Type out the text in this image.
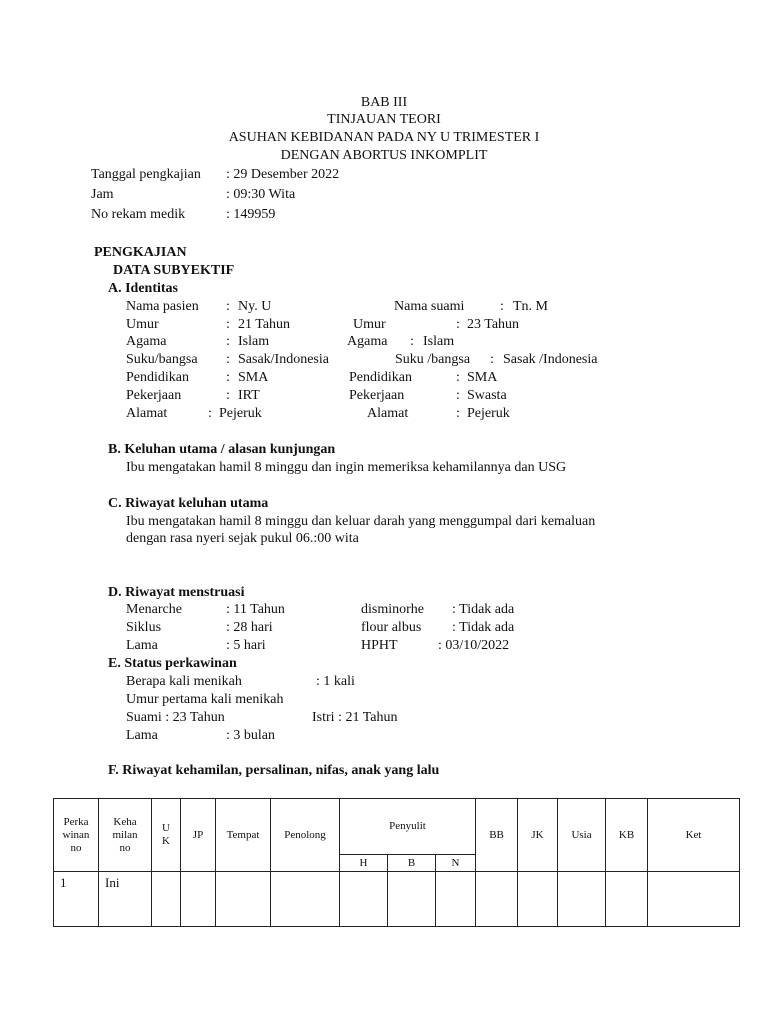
BAB III
TINJAUAN TEORI
ASUHAN KEBIDANAN PADA NY U TRIMESTER I
DENGAN ABORTUS INKOMPLIT
Tanggal pengkajian : 29 Desember 2022
Jam	: 09:30 Wita
No rekam medik	: 149959
PENGKAJIAN
DATA SUBYEKTIF
A. Identitas
Nama pasien : Ny. U	Nama suami	: Tn. M
Umur	: 21 Tahun	Umur	: 23 Tahun
Agama	: Islam	Agama : Islam
Suku/bangsa : Sasak/Indonesia	Suku /bangsa : Sasak /Indonesia
Pendidikan	: SMA	Pendidikan	: SMA
Pekerjaan	: IRT	Pekerjaan	: Swasta
Alamat	: Pejeruk	Alamat	: Pejeruk
B. Keluhan utama / alasan kunjungan
Ibu mengatakan hamil 8 minggu dan ingin memeriksa kehamilannya dan USG
C. Riwayat keluhan utama
Ibu mengatakan hamil 8 minggu dan keluar darah yang menggumpal dari kemaluan
dengan rasa nyeri sejak pukul 06.:00 wita
D. Riwayat menstruasi
Menarche	: 11 Tahun	disminorhe : Tidak ada
Siklus	: 28 hari	flour albus : Tidak ada
Lama	: 5 hari	HPHT	: 03/10/2022
E. Status perkawinan
Berapa kali menikah	: 1 kali
Umur pertama kali menikah
Suami : 23 Tahun	Istri : 21 Tahun
Lama	: 3 bulan
F. Riwayat kehamilan, persalinan, nifas, anak yang lalu
Perka
winan
no	Keha
milan
no	U
K	JP	Tempat	Penolong	Penyulit			BB	JK	Usia	KB	Ket
						H	B	N					
1	Ini												
